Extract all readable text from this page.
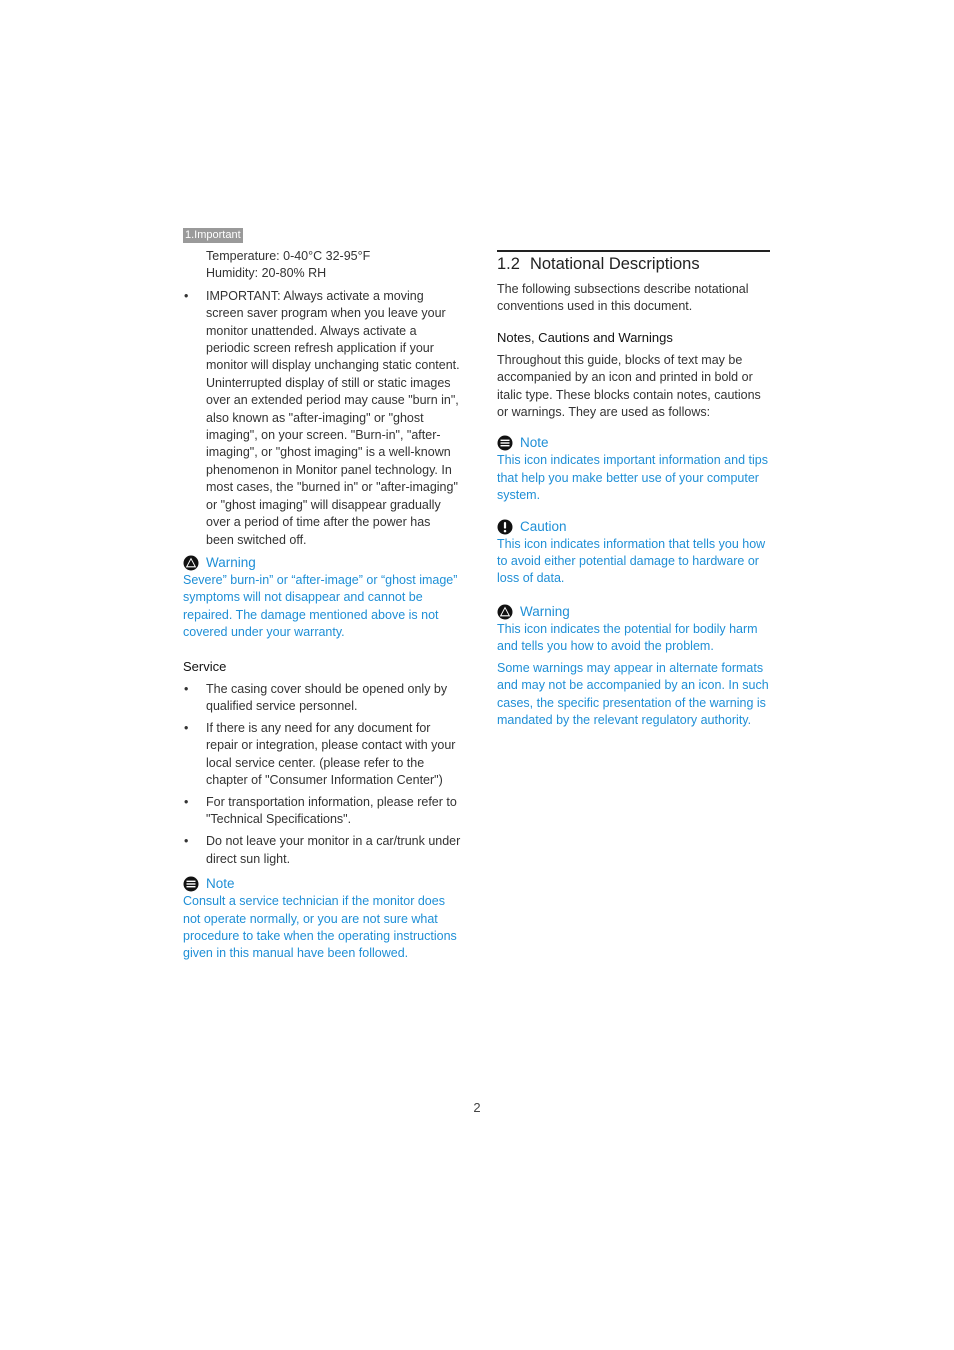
1.Important

Temperature: 0-40°C 32-95°F

Humidity: 20-80% RH

• IMPORTANT: Always activate a moving screen saver program when you leave your monitor unattended. Always activate a periodic screen refresh application if your monitor will display unchanging static content. Uninterrupted display of still or static images over an extended period may cause "burn in", also known as "after-imaging" or "ghost imaging", on your screen. "Burn-in", "after-imaging", or "ghost imaging" is a well-known phenomenon in Monitor panel technology. In most cases, the "burned in" or "after-imaging" or "ghost imaging" will disappear gradually over a period of time after the power has been switched off.
Warning

Severe” burn-in” or “after-image” or “ghost image” symptoms will not disappear and cannot be repaired. The damage mentioned above is not covered under your warranty.

Service

• The casing cover should be opened only by qualified service personnel.
• If there is any need for any document for repair or integration, please contact with your local service center. (please refer to the chapter of "Consumer Information Center")
• For transportation information, please refer to "Technical Specifications".
• Do not leave your monitor in a car/trunk under direct sun light.
Note

Consult a service technician if the monitor does not operate normally, or you are not sure what procedure to take when the operating instructions given in this manual have been followed.

1.2 Notational Descriptions

The following subsections describe notational conventions used in this document.

Notes, Cautions and Warnings

Throughout this guide, blocks of text may be accompanied by an icon and printed in bold or italic type. These blocks contain notes, cautions or warnings. They are used as follows:

Note

This icon indicates important information and tips that help you make better use of your computer system.

Caution

This icon indicates information that tells you how to avoid either potential damage to hardware or loss of data.

Warning

This icon indicates the potential for bodily harm and tells you how to avoid the problem.

Some warnings may appear in alternate formats and may not be accompanied by an icon. In such cases, the specific presentation of the warning is mandated by the relevant regulatory authority.

2
